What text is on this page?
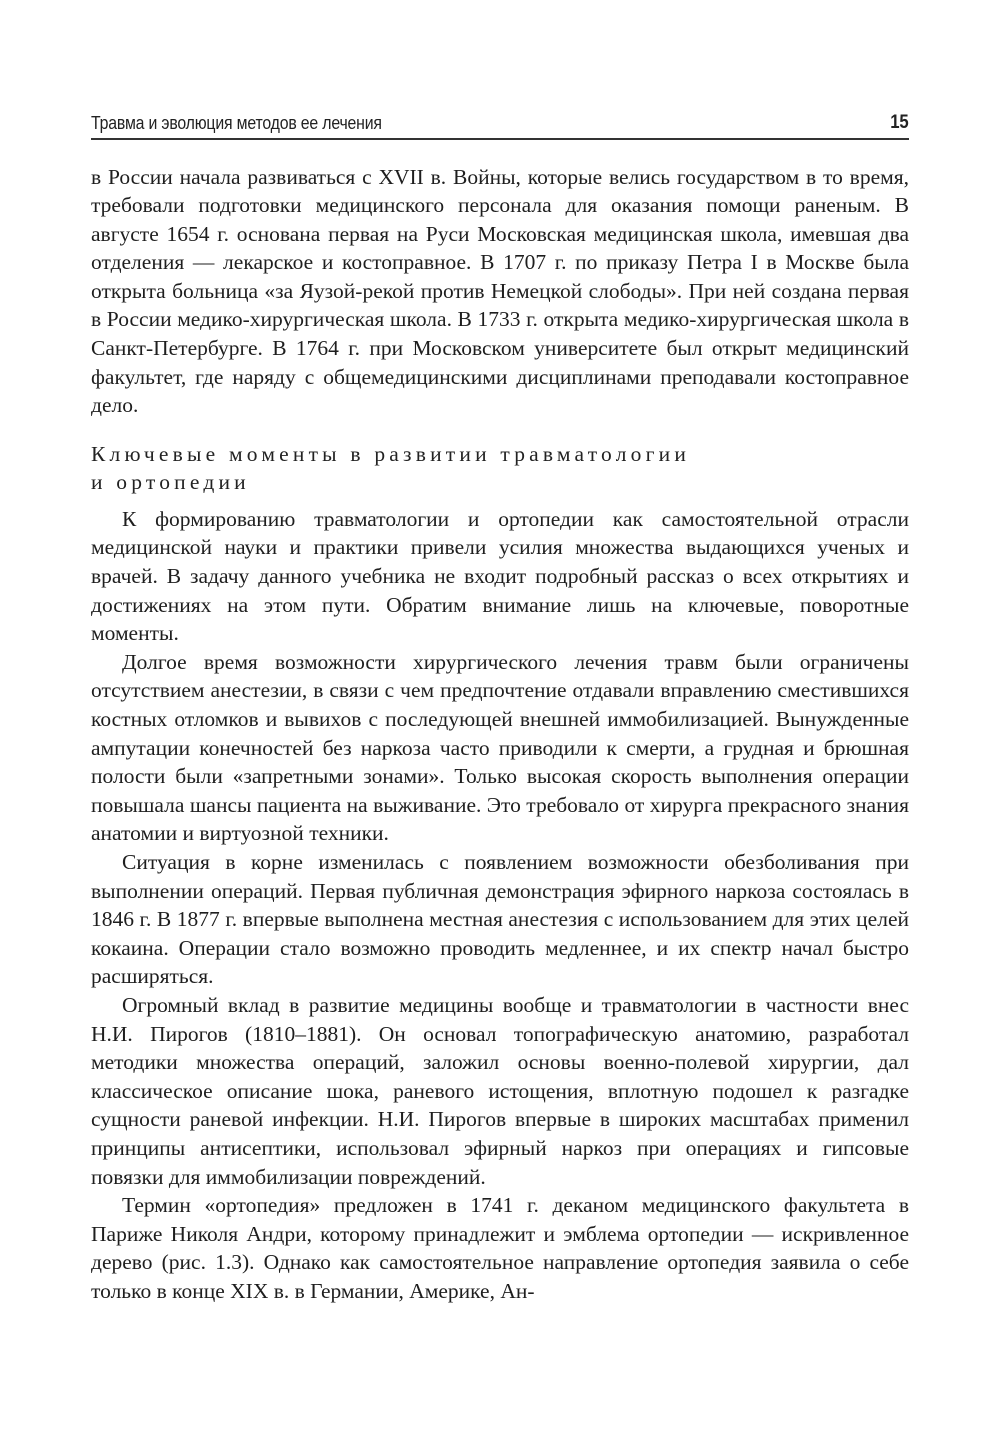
Травма и эволюция методов ее лечения	15

в России начала развиваться с XVII в. Войны, которые велись государством в то время, требовали подготовки медицинского персонала для оказания помощи раненым. В августе 1654 г. основана первая на Руси Московская медицинская школа, имевшая два отделения — лекарское и костоправное. В 1707 г. по приказу Петра I в Москве была открыта больница «за Яузой-рекой против Немецкой слободы». При ней создана первая в России медико-хирургическая школа. В 1733 г. открыта медико-хирургическая школа в Санкт-Петербурге. В 1764 г. при Московском университете был открыт медицинский факультет, где наряду с общемедицинскими дисциплинами преподавали костоправное дело.

Ключевые моменты в развитии травматологии
и ортопедии

К формированию травматологии и ортопедии как самостоятельной отрасли медицинской науки и практики привели усилия множества выдающихся ученых и врачей. В задачу данного учебника не входит подробный рассказ о всех открытиях и достижениях на этом пути. Обратим внимание лишь на ключевые, поворотные моменты.

Долгое время возможности хирургического лечения травм были ограничены отсутствием анестезии, в связи с чем предпочтение отдавали вправлению сместившихся костных отломков и вывихов с последующей внешней иммобилизацией. Вынужденные ампутации конечностей без наркоза часто приводили к смерти, а грудная и брюшная полости были «запретными зонами». Только высокая скорость выполнения операции повышала шансы пациента на выживание. Это требовало от хирурга прекрасного знания анатомии и виртуозной техники.

Ситуация в корне изменилась с появлением возможности обезболивания при выполнении операций. Первая публичная демонстрация эфирного наркоза состоялась в 1846 г. В 1877 г. впервые выполнена местная анестезия с использованием для этих целей кокаина. Операции стало возможно проводить медленнее, и их спектр начал быстро расширяться.

Огромный вклад в развитие медицины вообще и травматологии в частности внес Н.И. Пирогов (1810–1881). Он основал топографическую анатомию, разработал методики множества операций, заложил основы военно-полевой хирургии, дал классическое описание шока, раневого истощения, вплотную подошел к разгадке сущности раневой инфекции. Н.И. Пирогов впервые в широких масштабах применил принципы антисептики, использовал эфирный наркоз при операциях и гипсовые повязки для иммобилизации повреждений.

Термин «ортопедия» предложен в 1741 г. деканом медицинского факультета в Париже Николя Андри, которому принадлежит и эмблема ортопедии — искривленное дерево (рис. 1.3). Однако как самостоятельное направление ортопедия заявила о себе только в конце XIX в. в Германии, Америке, Ан-
